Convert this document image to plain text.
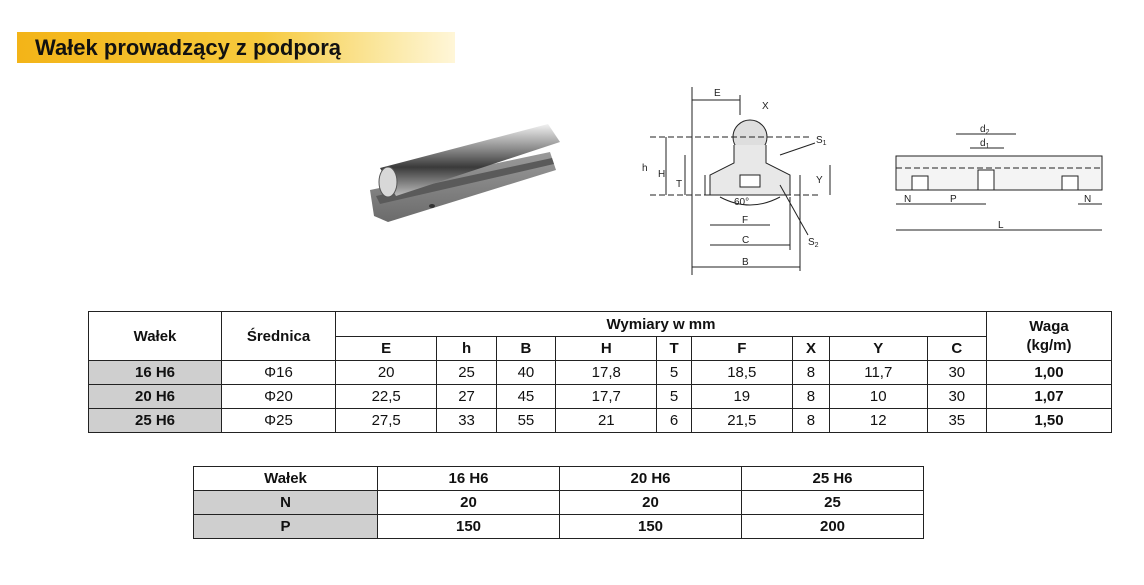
Wałek prowadzący z podporą
E
X
$S_1$
h
H
T	Y
60°
F
C	$S_2$
B
$d_2$
$d_1$
N	P	N
L
Wałek	Średnica	Wymiary w mm									Waga
(kg/m)
		E	h	B	H	T	F	X	Y	C	
16 H6	Φ16	20	25	40	17,8	5	18,5	8	11,7	30	1,00
20 H6	Φ20	22,5	27	45	17,7	5	19	8	10	30	1,07
25 H6	Φ25	27,5	33	55	21	6	21,5	8	12	35	1,50
Wałek	16 H6	20 H6	25 H6
N	20	20	25
P	150	150	200
